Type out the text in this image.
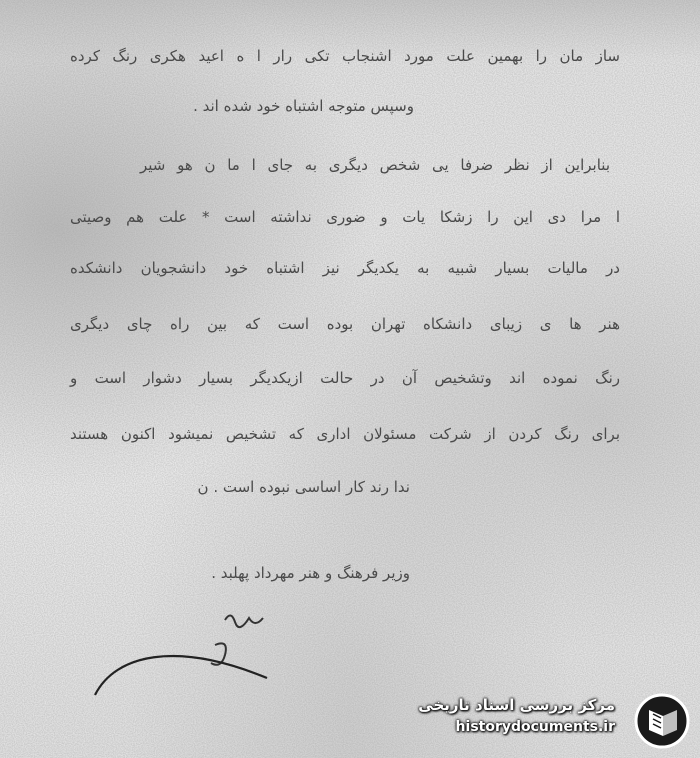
ساز مان را بهمین علت مورد اشنجاب تکی رار ا ه اعید هکری رنگ کرده
وسپس متوجه اشتباه خود شده اند .
بنابراین از نظر ضرفا یی شخص دیگری به جای ا ما ن هو شیر
ا مرا دی این را زشکا یات و ضوری نداشته است * علت هم وصیتی
در مالیات بسیار شبیه به یکدیگر نیز اشتباه خود دانشجویان دانشکده
هنر ها ی زیبای دانشکاه تهران بوده است که بین راه چای دیگری
رنگ نموده اند وتشخیص آن در حالت ازیکدیگر بسیار دشوار است و
برای رنگ کردن از شرکت مسئولان اداری که تشخیص نمیشود اکنون هستند
ندا رند کار اساسی نبوده است . ن
وزیر فرهنگ و هنر مهرداد پهلبد .
مرکز بررسی اسناد تاریخی
historydocuments.ir
